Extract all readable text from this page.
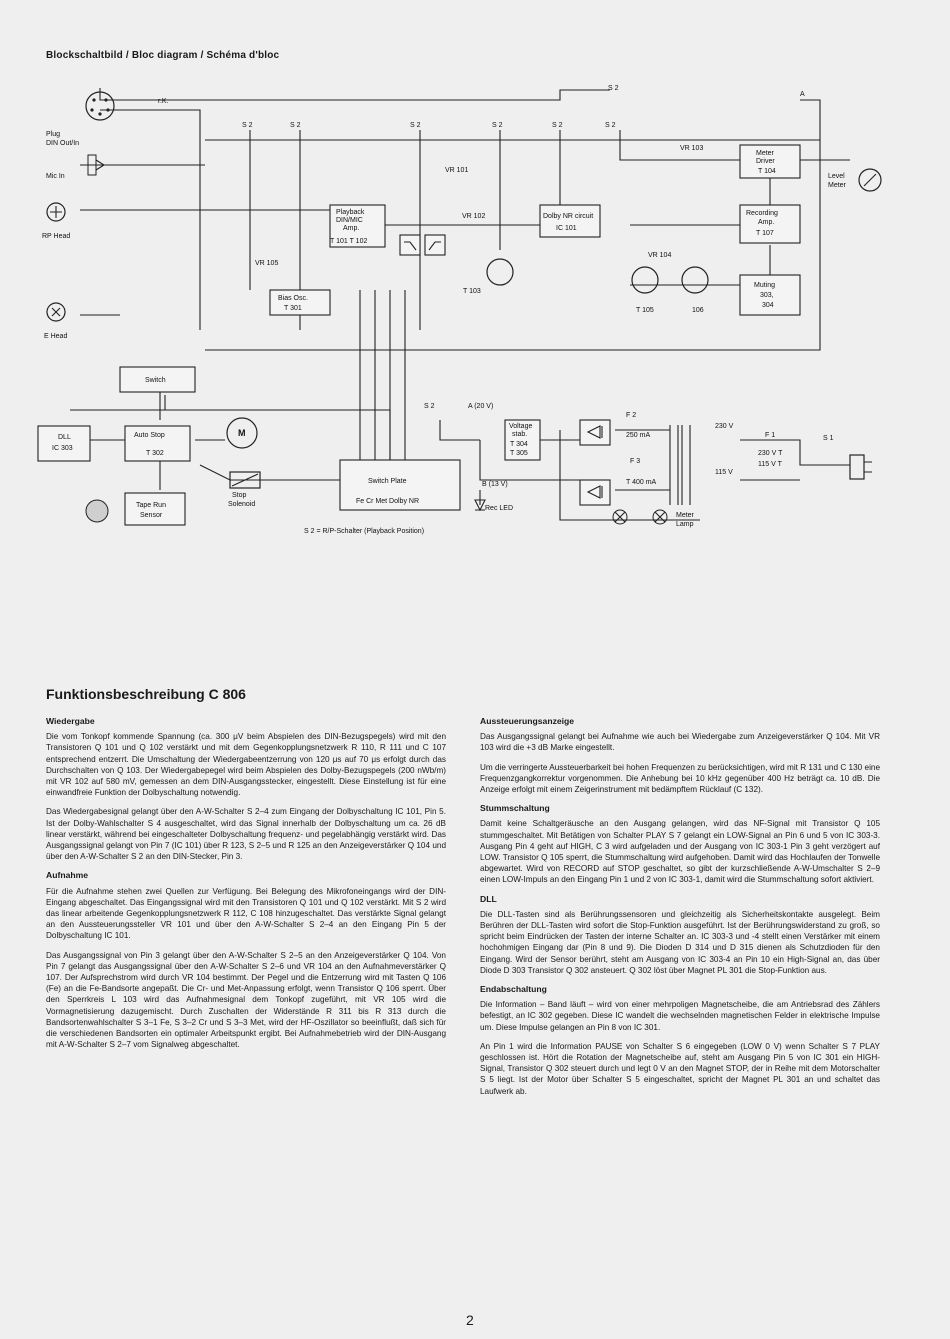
Blockschaltbild / Bloc diagram / Schéma d'bloc
Plug
DIN Out/In
Mic In
RP Head
E Head
S 2
S 2	S 2	S 2	S 2	S 2	S 2
S 2
Playback
DIN/MIC
Amp.
T 101 T 102
Dolby NR circuit
IC 101
Meter
Driver
T 104
Recording
Amp.
T 107
Muting
303,
304
Bias Osc.
T 301
Switch
DLL
IC 303
Auto Stop
T 302
Tape Run
Sensor
M
Stop
Solenoid
Switch Plate
Fe Cr Met Dolby NR
Voltage
stab.
T 304
T 305
r.K.
VR 101
VR 102
VR 103
VR 104
VR 105
T 103
T 105	106
Level
Meter
A
A (20 V)
B (13 V)
Rec LED
F 2
250 mA
F 3
T 400 mA
230 V
115 V
F 1
230 V T
115 V T
S 1
Meter
Lamp
S 2 = R/P-Schalter (Playback Position)
Funktionsbeschreibung C 806
Wiedergabe

Die vom Tonkopf kommende Spannung (ca. 300 μV beim Abspielen des DIN-Bezugspegels) wird mit den Transistoren Q 101 und Q 102 verstärkt und mit dem Gegenkopplungsnetzwerk R 110, R 111 und C 107 entsprechend entzerrt. Die Umschaltung der Wiedergabeentzerrung von 120 μs auf 70 μs erfolgt durch das Durchschalten von Q 103. Der Wiedergabepegel wird beim Abspielen des Dolby-Bezugspegels (200 nWb/m) mit VR 102 auf 580 mV, gemessen an dem DIN-Ausgangsstecker, eingestellt. Diese Einstellung ist für eine einwandfreie Funktion der Dolbyschaltung notwendig.

Das Wiedergabesignal gelangt über den A-W-Schalter S 2–4 zum Eingang der Dolbyschaltung IC 101, Pin 5. Ist der Dolby-Wahlschalter S 4 ausgeschaltet, wird das Signal innerhalb der Dolbyschaltung um ca. 26 dB linear verstärkt, während bei eingeschalteter Dolbyschaltung frequenz- und pegelabhängig verstärkt wird. Das Ausgangssignal gelangt von Pin 7 (IC 101) über R 123, S 2–5 und R 125 an den Anzeigeverstärker Q 104 und über den A-W-Schalter S 2 an den DIN-Stecker, Pin 3.

Aufnahme

Für die Aufnahme stehen zwei Quellen zur Verfügung. Bei Belegung des Mikrofoneingangs wird der DIN-Eingang abgeschaltet. Das Eingangssignal wird mit den Transistoren Q 101 und Q 102 verstärkt. Mit S 2 wird das linear arbeitende Gegenkopplungsnetzwerk R 112, C 108 hinzugeschaltet. Das verstärkte Signal gelangt an den Aussteuerungssteller VR 101 und über den A-W-Schalter S 2–4 an den Eingang Pin 5 der Dolbyschaltung IC 101.

Das Ausgangssignal von Pin 3 gelangt über den A-W-Schalter S 2–5 an den Anzeigeverstärker Q 104. Von Pin 7 gelangt das Ausgangssignal über den A-W-Schalter S 2–6 und VR 104 an den Aufnahmeverstärker Q 107. Der Aufsprechstrom wird durch VR 104 bestimmt. Der Pegel und die Entzerrung wird mit Tasten Q 106 (Fe) an die Fe-Bandsorte angepaßt. Die Cr- und Met-Anpassung erfolgt, wenn Transistor Q 106 sperrt. Über den Sperrkreis L 103 wird das Aufnahmesignal dem Tonkopf zugeführt, mit VR 105 wird die Vormagnetisierung dazugemischt. Durch Zuschalten der Widerstände R 311 bis R 313 durch die Bandsortenwahlschalter S 3–1 Fe, S 3–2 Cr und S 3–3 Met, wird der HF-Oszillator so beeinflußt, daß sich für die verschiedenen Bandsorten ein optimaler Arbeitspunkt ergibt. Bei Aufnahmebetrieb wird der DIN-Ausgang mit A-W-Schalter S 2–7 vom Signalweg abgeschaltet.

Aussteuerungsanzeige

Das Ausgangssignal gelangt bei Aufnahme wie auch bei Wiedergabe zum Anzeigeverstärker Q 104. Mit VR 103 wird die +3 dB Marke eingestellt.

Um die verringerte Aussteuerbarkeit bei hohen Frequenzen zu berücksichtigen, wird mit R 131 und C 130 eine Frequenzgangkorrektur vorgenommen. Die Anhebung bei 10 kHz gegenüber 400 Hz beträgt ca. 10 dB. Die Anzeige erfolgt mit einem Zeigerinstrument mit bedämpftem Rücklauf (C 132).

Stummschaltung

Damit keine Schaltgeräusche an den Ausgang gelangen, wird das NF-Signal mit Transistor Q 105 stummgeschaltet. Mit Betätigen von Schalter PLAY S 7 gelangt ein LOW-Signal an Pin 6 und 5 von IC 303-3. Ausgang Pin 4 geht auf HIGH, C 3 wird aufgeladen und der Ausgang von IC 303-1 Pin 3 geht verzögert auf LOW. Transistor Q 105 sperrt, die Stummschaltung wird aufgehoben. Damit wird das Hochlaufen der Tonwelle abgewartet. Wird von RECORD auf STOP geschaltet, so gibt der kurzschließende A-W-Umschalter S 2–9 einen LOW-Impuls an den Eingang Pin 1 und 2 von IC 303-1, damit wird die Stummschaltung sofort aktiviert.

DLL

Die DLL-Tasten sind als Berührungssensoren und gleichzeitig als Sicherheitskontakte ausgelegt. Beim Berühren der DLL-Tasten wird sofort die Stop-Funktion ausgeführt. Ist der Berührungswiderstand zu groß, so spricht beim Eindrücken der Tasten der interne Schalter an. IC 303-3 und -4 stellt einen Verstärker mit einem hochohmigen Eingang dar (Pin 8 und 9). Die Dioden D 314 und D 315 dienen als Schutzdioden für den Eingang. Wird der Sensor berührt, steht am Ausgang von IC 303-4 an Pin 10 ein High-Signal an, das über Diode D 303 Transistor Q 302 ansteuert. Q 302 löst über Magnet PL 301 die Stop-Funktion aus.

Endabschaltung

Die Information – Band läuft – wird von einer mehrpoligen Magnetscheibe, die am Antriebsrad des Zählers befestigt, an IC 302 gegeben. Diese IC wandelt die wechselnden magnetischen Felder in elektrische Impulse um. Diese Impulse gelangen an Pin 8 von IC 301.

An Pin 1 wird die Information PAUSE von Schalter S 6 eingegeben (LOW 0 V) wenn Schalter S 7 PLAY geschlossen ist. Hört die Rotation der Magnetscheibe auf, steht am Ausgang Pin 5 von IC 301 ein HIGH-Signal, Transistor Q 302 steuert durch und legt 0 V an den Magnet STOP, der in Reihe mit dem Motorschalter S 5 liegt. Ist der Motor über Schalter S 5 eingeschaltet, spricht der Magnet PL 301 an und schaltet das Laufwerk ab.

2
